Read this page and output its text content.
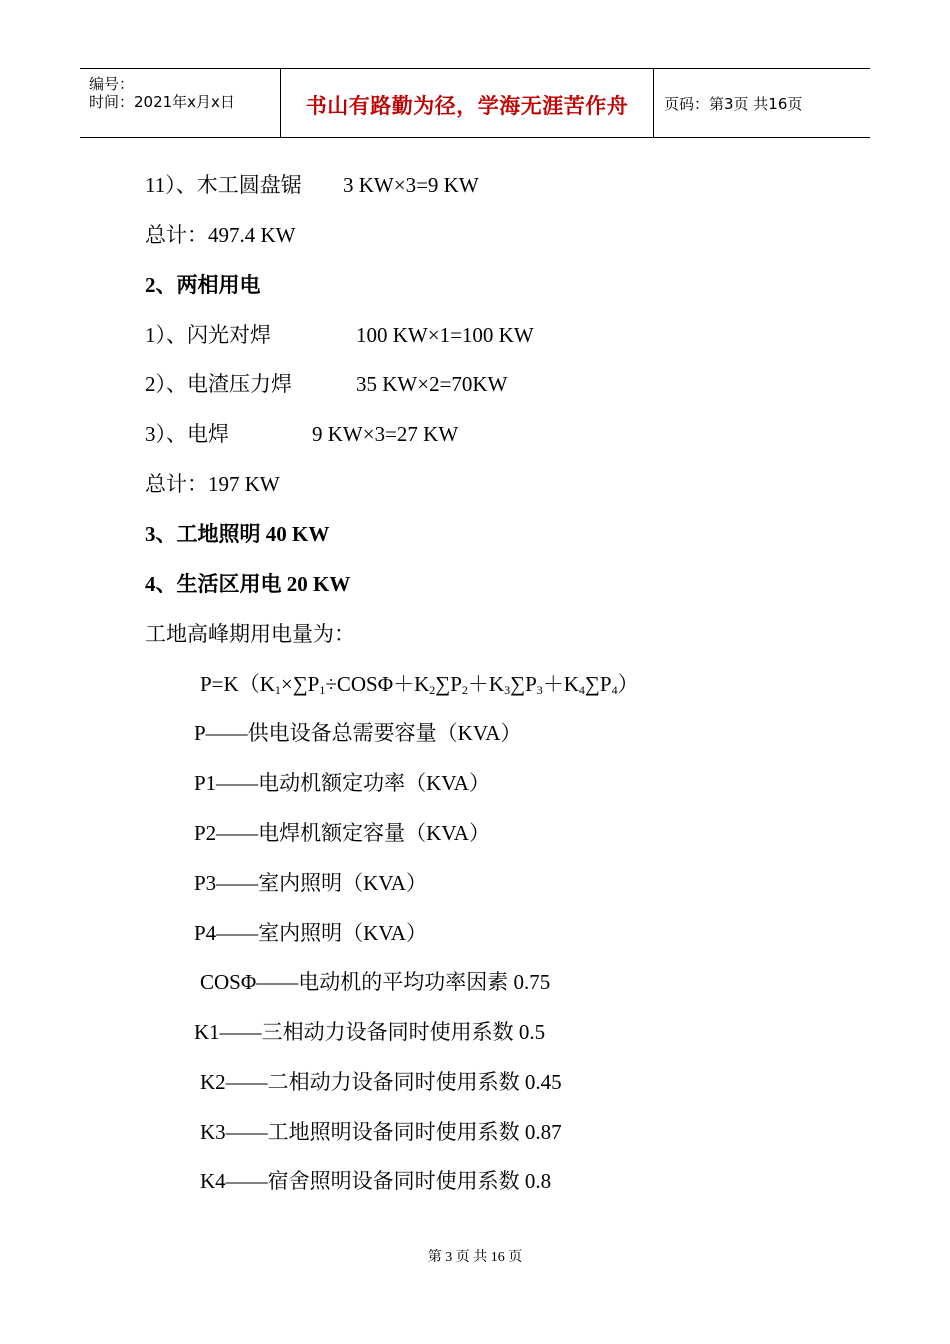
编号：
时间：2021年x月x日	书山有路勤为径，学海无涯苦作舟	页码：第3页 共16页
11）、木工圆盘锯 3 KW×3=9 KW
总计：497.4 KW
2、两相用电
1）、闪光对焊	100 KW×1=100 KW
2）、电渣压力焊	35 KW×2=70KW
3）、电焊	9 KW×3=27 KW
总计：197 KW
3、工地照明 40 KW
4、生活区用电 20 KW
工地高峰期用电量为：
$P=K(K_1\times\sum P_1\div COS\Phi+K_2\sum P_2+K_3\sum P_3+K_4\sum P_4)$
P——供电设备总需要容量（KVA）
P1——电动机额定功率（KVA）
P2——电焊机额定容量（KVA）
P3——室内照明（KVA）
P4——室内照明（KVA）
COSΦ——电动机的平均功率因素 0.75
K1——三相动力设备同时使用系数 0.5
K2——二相动力设备同时使用系数 0.45
K3——工地照明设备同时使用系数 0.87
K4——宿舍照明设备同时使用系数 0.8
第 3 页 共 16 页
